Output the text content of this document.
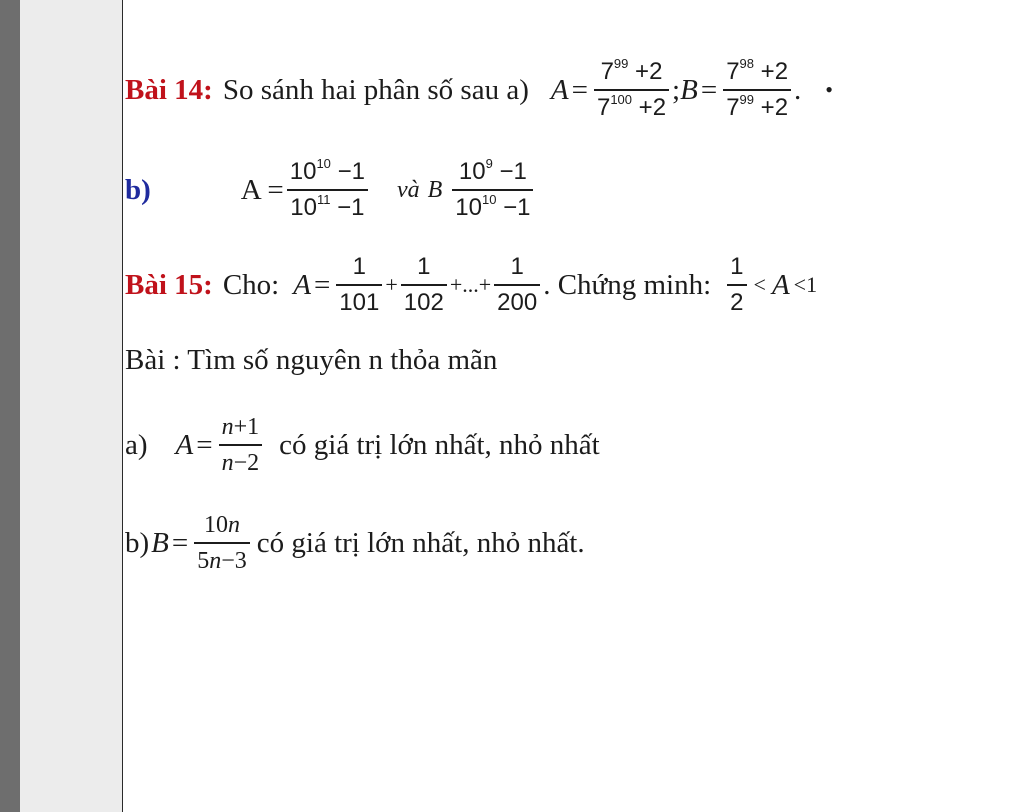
Bài 14: So sánh hai phân số sau a) $A = \frac{7^{99} +2}{7^{100} +2}$ ; $B = \frac{7^{98} +2}{7^{99} +2}$ . •
b)	$A = \frac{10^{10} -1}{10^{11} -1}$ và B $\frac{10^9 -1}{10^{10} -1}$
Bài 15: Cho: $A = \frac{1}{101} + \frac{1}{102}$ +...+ $\frac{1}{200}$ . Chứng minh: $\frac{1}{2} < A <1$
Bài : Tìm số nguyên n thỏa mãn
a) $A = \frac{n+1}{n-2}$ có giá trị lớn nhất, nhỏ nhất
b) $B = \frac{10n}{5n-3}$ có giá trị lớn nhất, nhỏ nhất.
